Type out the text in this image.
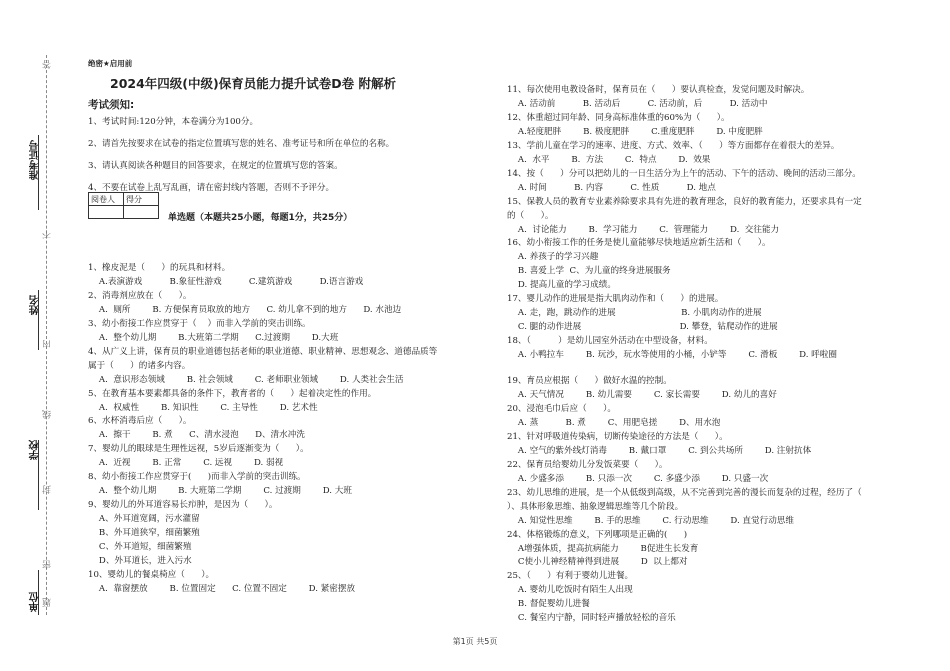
准考证号
姓名
学校
单位
答
不
内
线
封
密
题
绝密★启用前
2024年四级(中级)保育员能力提升试卷D卷 附解析
考试须知:
1、考试时间:120分钟，本卷满分为100分。
2、请首先按要求在试卷的指定位置填写您的姓名、准考证号和所在单位的名称。
3、请认真阅读各种题目的回答要求，在规定的位置填写您的答案。
4、不要在试卷上乱写乱画，请在密封线内答题，否则不予评分。
阅卷人	得分

单选题（本题共25小题，每题1分，共25分）
1、橡皮泥是（      ）的玩具和材料。
A.表演游戏          B.象征性游戏          C.建筑游戏          D.语言游戏
2、消毒剂应放在（      ）。
A.  厕所        B. 方便保育员取放的地方      C. 幼儿拿不到的地方      D. 水池边
3、幼小衔接工作应贯穿于（    ）而非入学前的突击训练。
A.  整个幼儿期        B.大班第二学期      C.过渡期        D.大班
4、从广义上讲，保育员的职业道德包括老师的职业道德、职业精神、思想观念、道德品质等
属于（      ）的诸多内容。
A.  意识形态领域        B. 社会领域        C. 老师职业领域        D. 人类社会生活
5、在教育基本要素都具备的条件下，教育者的（      ）起着决定性的作用。
A.  权威性        B. 知识性        C. 主导性        D. 艺术性
6、水杯消毒后应（      ）。
A.  擦干        B. 煮      C、清水浸泡      D、清水冲洗
7、婴幼儿的眼球是生理性远视，5岁后逐渐变为（      ）。
A.  近视        B. 正常        C. 远视        D. 弱视
8、幼小衔接工作应贯穿于(      )而非入学前的突击训练。
A.  整个幼儿期        B. 大班第二学期        C. 过渡期        D. 大班
9、婴幼儿的外耳道容易长疖肿，是因为（      ）。
A、外耳道宽阔，污水灌留
B、外耳道狭窄，细菌繁殖
C、外耳道短，细菌繁殖
D、外耳道长，进入污水
10、婴幼儿的餐桌椅应（      ）。
A.  靠窗摆放        B. 位置固定      C. 位置不固定        D. 紧密摆放
11、每次使用电教设备时，保育员在（      ）要认真检查，发觉问题及时解决。
A. 活动前          B. 活动后          C. 活动前，后          D. 活动中
12、体重超过同年龄、同身高标准体重的60%为（      ）。
A.轻度肥胖        B. 极度肥胖        C.重度肥胖        D. 中度肥胖
13、学前儿童在学习的速率、进度、方式、效率、（      ）等方面都存在着很大的差异。
A.  水平        B.  方法        C.  特点        D.  效果
14、按（      ）分可以把幼儿的一日生活分为上午的活动、下午的活动、晚间的活动三部分。
A. 时间          B. 内容          C. 性质          D. 地点
15、保教人员的教育专业素养除要求具有先进的教育理念，良好的教育能力，还要求具有一定
的（      ）。
A.  讨论能力        B.  学习能力        C.  管理能力        D.  交往能力
16、幼小衔接工作的任务是使儿童能够尽快地适应新生活和（      ）。
A. 养孩子的学习兴趣
B. 喜爱上学  C、为儿童的终身进展服务
D. 提高儿童的学习成绩。
17、婴儿动作的进展是指大肌肉动作和（      ）的进展。
A. 走，跑，跳动作的进展                        B. 小肌肉动作的进展
C. 腿的动作进展                                    D. 攀登，钻爬动作的进展
18、（          ）是幼儿园室外活动在中型设备，材料。
A. 小鸭拉车        B. 玩沙，玩水等使用的小桶，小铲等        C. 滑板        D. 呼啦圈
19、育员应根据（      ）做好水温的控制。
A. 天气情况        B. 幼儿需要        C. 家长需要        D. 幼儿的喜好
20、浸泡毛巾后应（      ）。
A. 蒸          B. 煮        C、用肥皂搓        D、用水泡
21、针对呼吸道传染病，切断传染途径的方法是（      ）。
A. 空气的紫外线灯消毒        B. 戴口罩        C. 到公共场所        D. 注射抗体
22、保育员给婴幼儿分发饭菜要（      ）。
A. 少盛多添        B. 只添一次        C. 多盛少添        D. 只盛一次
23、幼儿思维的进展，是一个从低级到高级，从不完善到完善的漫长而复杂的过程，经历了（
）、具体形象思维、抽象逻辑思维等几个阶段。
A. 知觉性思维        B. 手的思维        C. 行动思维        D. 直觉行动思维
24、体格锻炼的意义，下列哪项是正确的(      )
A增强体质，提高抗病能力        B促进生长发育
C使小儿神经精神得到进展        D  以上都对
25、（      ）有利于婴幼儿进餐。
A. 婴幼儿吃饭时有陌生人出现
B. 督促婴幼儿进餐
C. 餐室内宁静，同时轻声播放轻松的音乐
第1页 共5页
